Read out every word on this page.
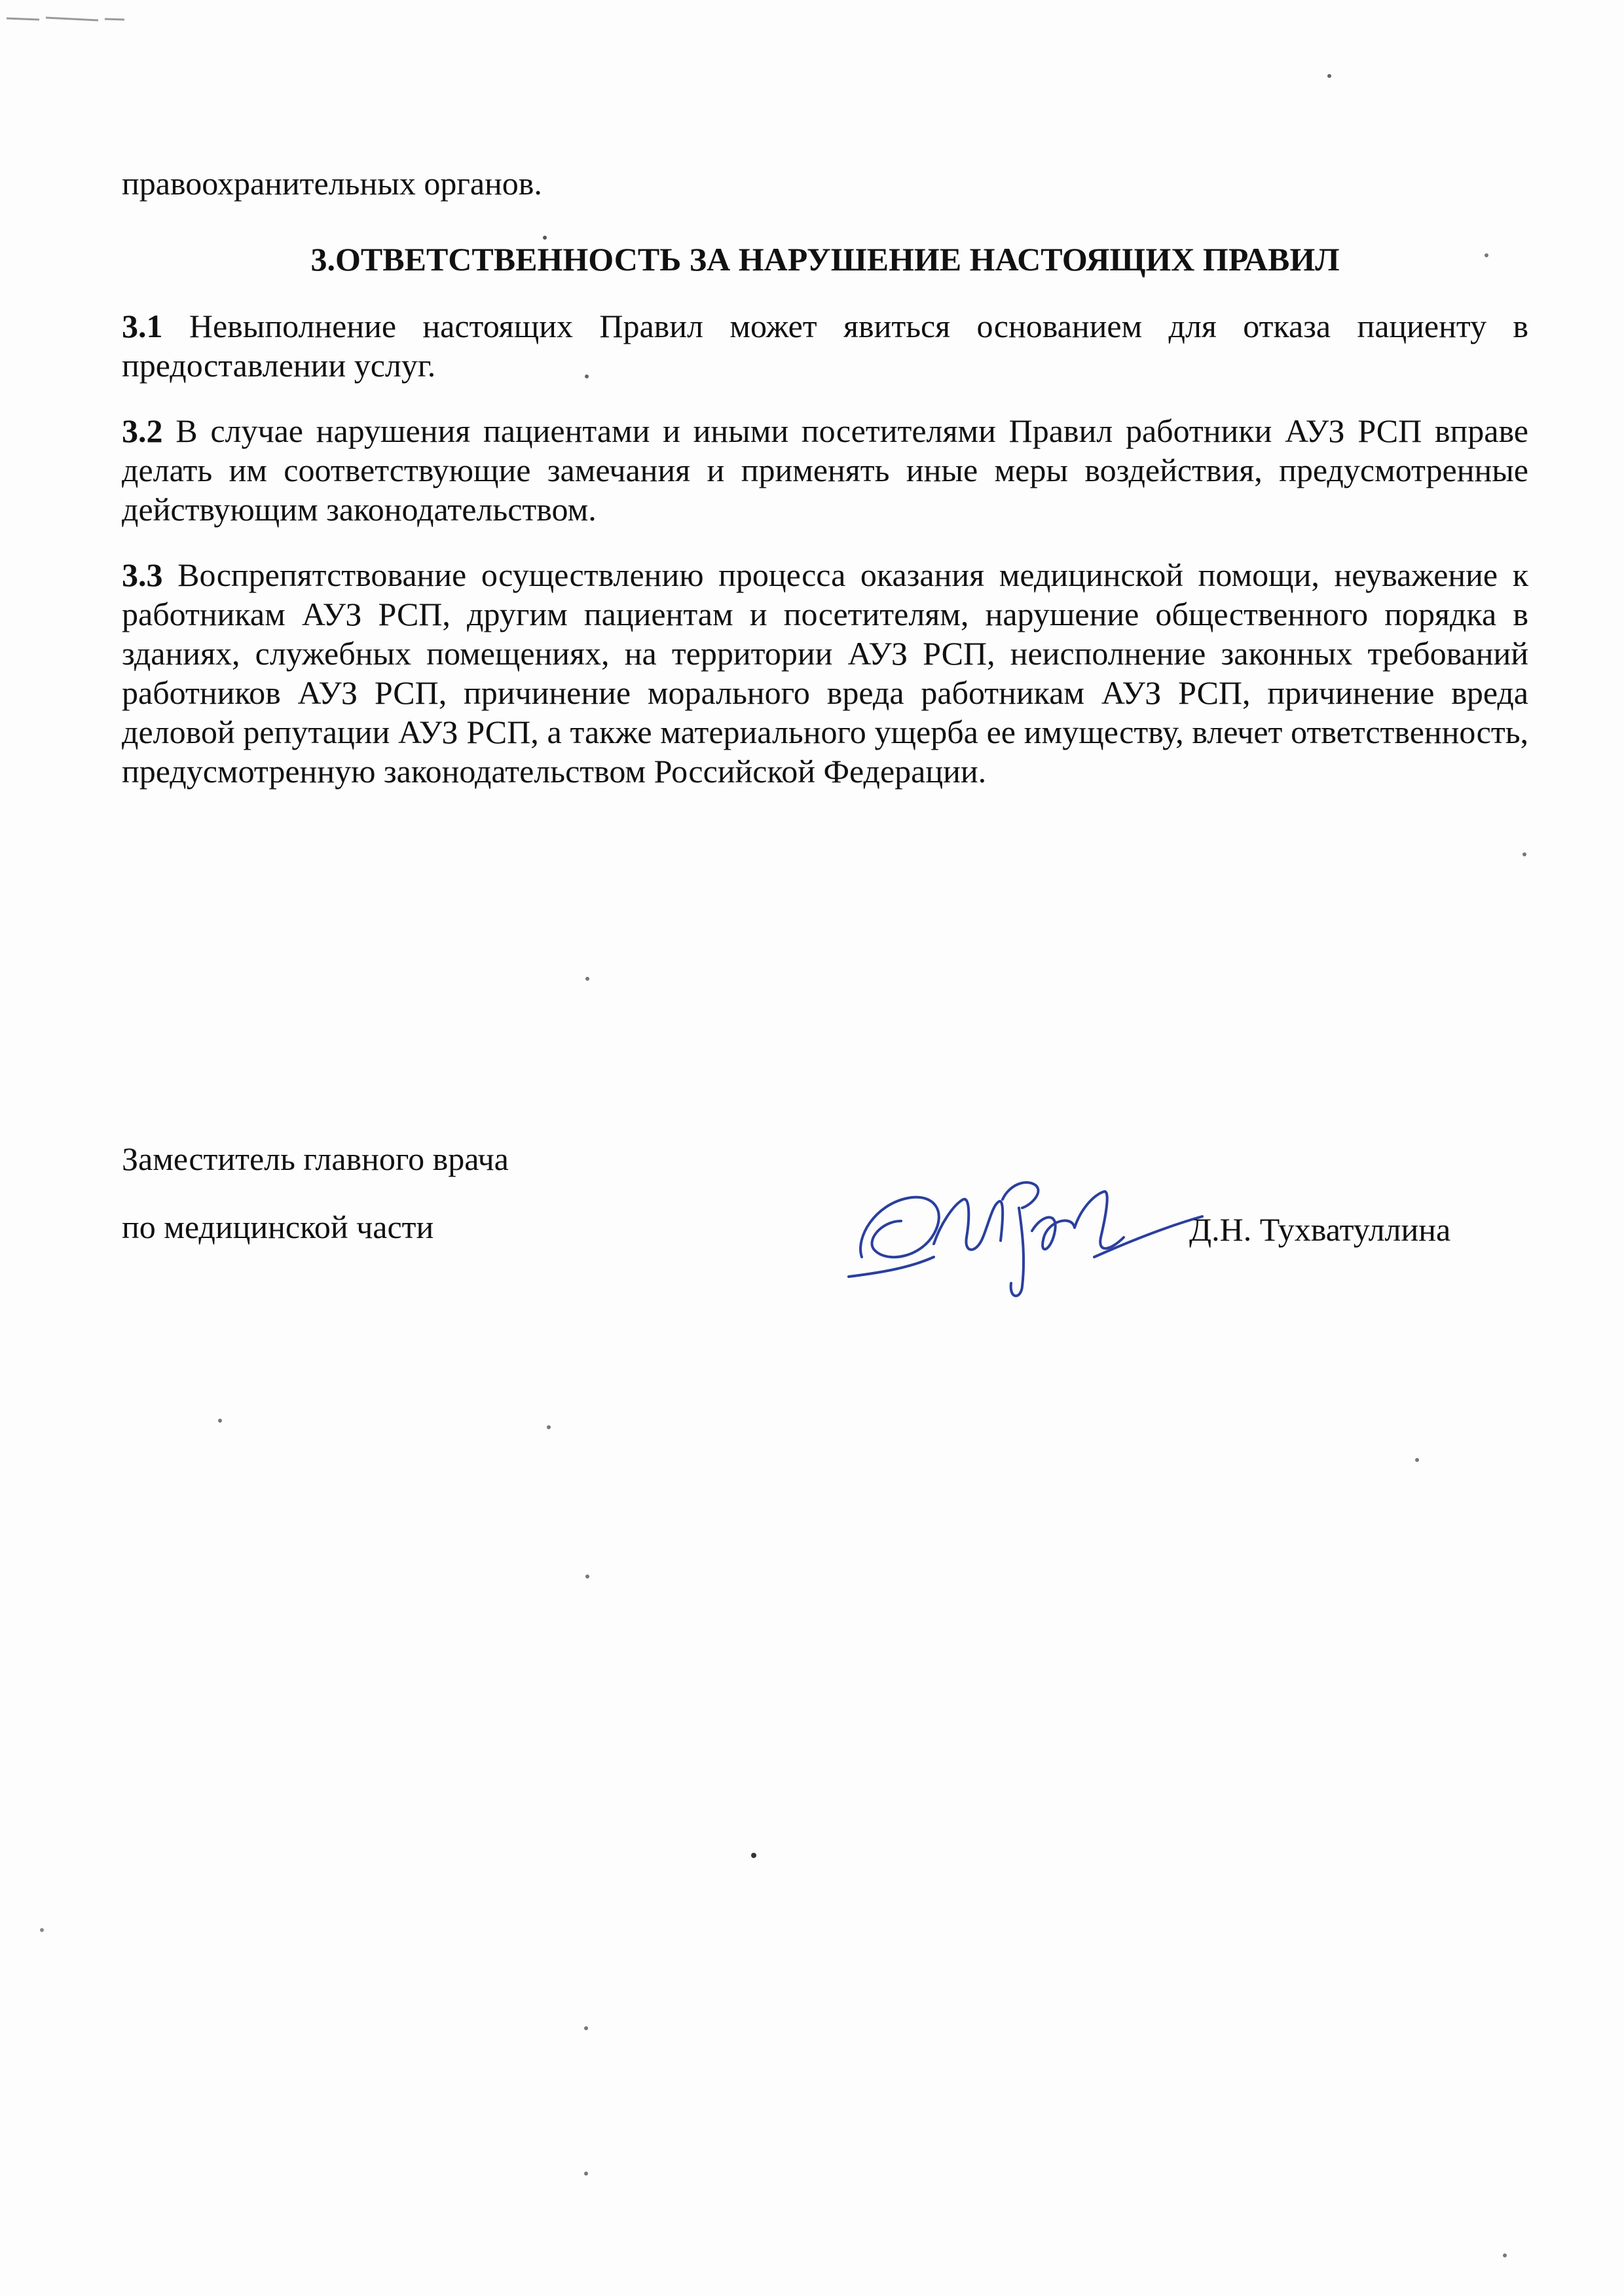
правоохранительных органов.

3.ОТВЕТСТВЕННОСТЬ ЗА НАРУШЕНИЕ НАСТОЯЩИХ ПРАВИЛ

3.1 Невыполнение настоящих Правил может явиться основанием для отказа пациенту в предоставлении услуг.

3.2 В случае нарушения пациентами и иными посетителями Правил работники АУЗ РСП вправе делать им соответствующие замечания и применять иные меры воздействия, предусмотренные действующим законодательством.

3.3 Воспрепятствование осуществлению процесса оказания медицинской помощи, неуважение к работникам АУЗ РСП, другим пациентам и посетителям, нарушение общественного порядка в зданиях, служебных помещениях, на территории АУЗ РСП, неисполнение законных требований работников АУЗ РСП, причинение морального вреда работникам АУЗ РСП, причинение вреда деловой репутации АУЗ РСП, а также материального ущерба ее имуществу, влечет ответственность, предусмотренную законодательством Российской Федерации.

Заместитель главного врача
по медицинской части	Д.Н. Тухватуллина
